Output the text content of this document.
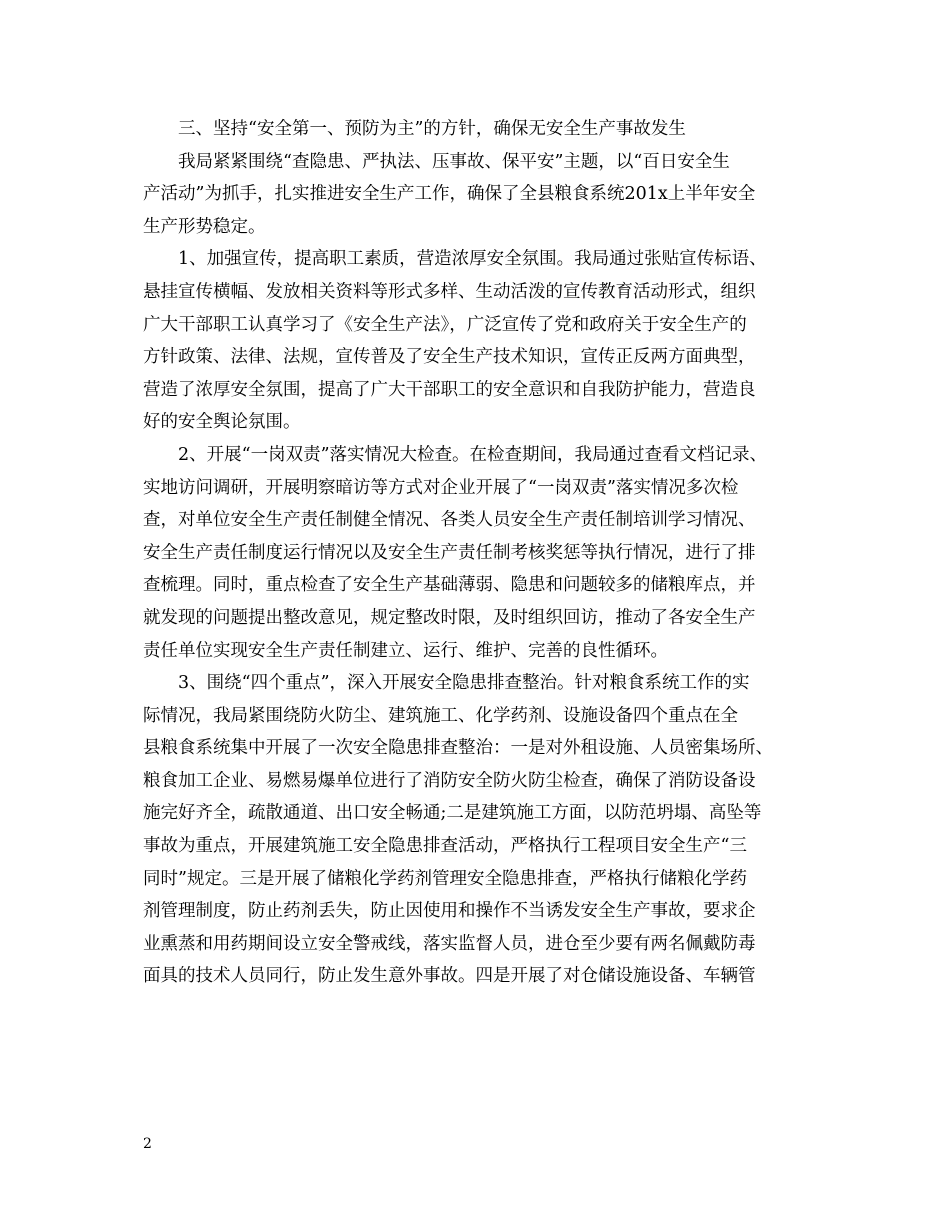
三、坚持“安全第一、预防为主”的方针，确保无安全生产事故发生
我局紧紧围绕“查隐患、严执法、压事故、保平安”主题，以“百日安全生
产活动”为抓手，扎实推进安全生产工作，确保了全县粮食系统201x上半年安全
生产形势稳定。
1、加强宣传，提高职工素质，营造浓厚安全氛围。我局通过张贴宣传标语、
悬挂宣传横幅、发放相关资料等形式多样、生动活泼的宣传教育活动形式，组织
广大干部职工认真学习了《安全生产法》，广泛宣传了党和政府关于安全生产的
方针政策、法律、法规，宣传普及了安全生产技术知识，宣传正反两方面典型，
营造了浓厚安全氛围，提高了广大干部职工的安全意识和自我防护能力，营造良
好的安全舆论氛围。
2、开展“一岗双责”落实情况大检查。在检查期间，我局通过查看文档记录、
实地访问调研，开展明察暗访等方式对企业开展了“一岗双责”落实情况多次检
查，对单位安全生产责任制健全情况、各类人员安全生产责任制培训学习情况、
安全生产责任制度运行情况以及安全生产责任制考核奖惩等执行情况，进行了排
查梳理。同时，重点检查了安全生产基础薄弱、隐患和问题较多的储粮库点，并
就发现的问题提出整改意见，规定整改时限，及时组织回访，推动了各安全生产
责任单位实现安全生产责任制建立、运行、维护、完善的良性循环。
3、围绕“四个重点”，深入开展安全隐患排查整治。针对粮食系统工作的实
际情况，我局紧围绕防火防尘、建筑施工、化学药剂、设施设备四个重点在全
县粮食系统集中开展了一次安全隐患排查整治：一是对外租设施、人员密集场所、
粮食加工企业、易燃易爆单位进行了消防安全防火防尘检查，确保了消防设备设
施完好齐全，疏散通道、出口安全畅通;二是建筑施工方面，以防范坍塌、高坠等
事故为重点，开展建筑施工安全隐患排查活动，严格执行工程项目安全生产“三
同时”规定。三是开展了储粮化学药剂管理安全隐患排查，严格执行储粮化学药
剂管理制度，防止药剂丢失，防止因使用和操作不当诱发安全生产事故，要求企
业熏蒸和用药期间设立安全警戒线，落实监督人员，进仓至少要有两名佩戴防毒
面具的技术人员同行，防止发生意外事故。四是开展了对仓储设施设备、车辆管
2
